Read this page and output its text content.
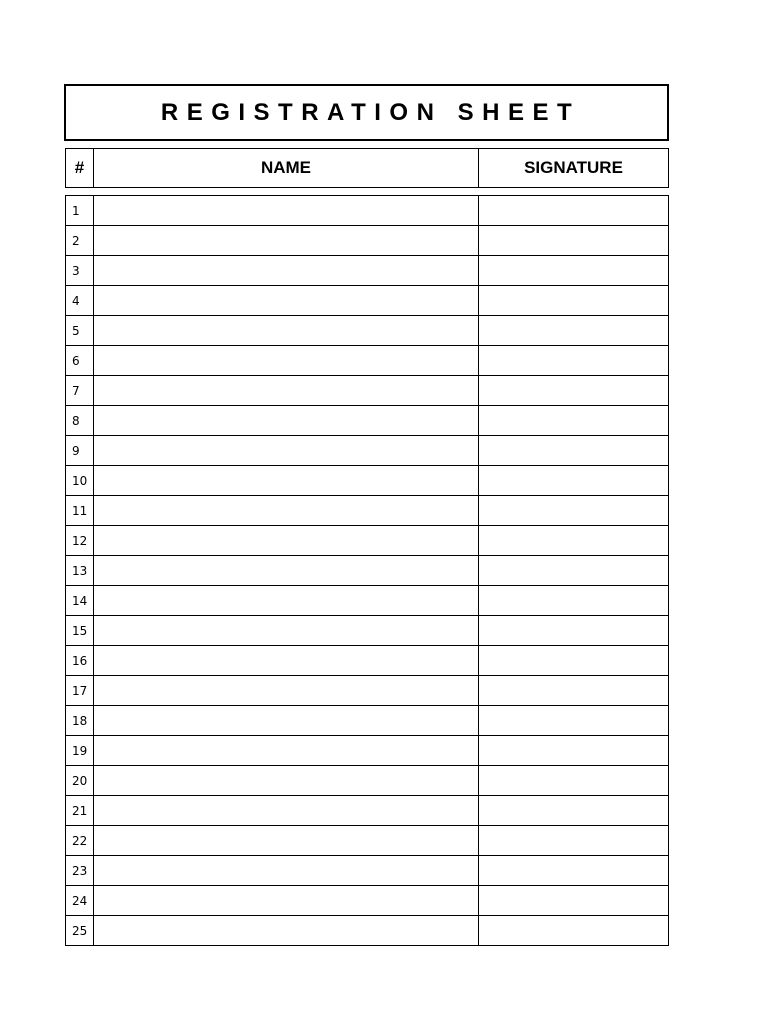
REGISTRATION SHEET
#	NAME	SIGNATURE
1		
2		
3		
4		
5		
6		
7		
8		
9		
10		
11		
12		
13		
14		
15		
16		
17		
18		
19		
20		
21		
22		
23		
24		
25		
